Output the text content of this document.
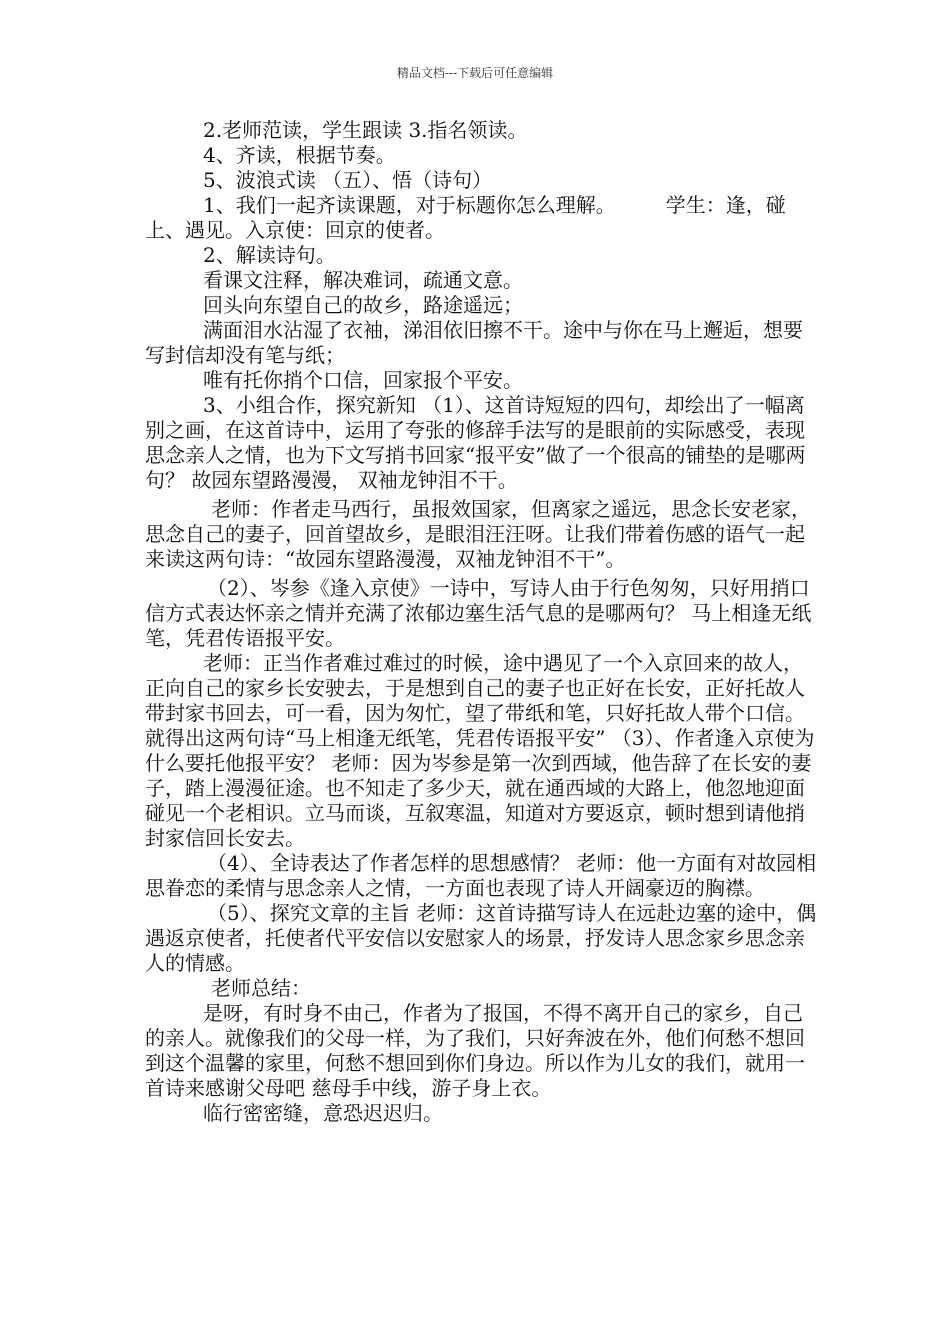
精品文档---下载后可任意编辑

2.老师范读，学生跟读 3.指名领读。

4、齐读，根据节奏。

5、波浪式读 （五）、悟（诗句）

1、我们一起齐读课题，对于标题你怎么理解。　　　学生：逢，碰上、遇见。入京使：回京的使者。

2、解读诗句。

看课文注释，解决难词，疏通文意。

回头向东望自己的故乡，路途遥远；

满面泪水沾湿了衣袖，涕泪依旧擦不干。途中与你在马上邂逅，想要写封信却没有笔与纸；

唯有托你捎个口信，回家报个平安。

3、小组合作，探究新知 （1）、这首诗短短的四句，却绘出了一幅离别之画，在这首诗中，运用了夸张的修辞手法写的是眼前的实际感受，表现思念亲人之情，也为下文写捎书回家“报平安”做了一个很高的铺垫的是哪两句？ 故园东望路漫漫， 双袖龙钟泪不干。

老师：作者走马西行，虽报效国家，但离家之遥远，思念长安老家，思念自己的妻子，回首望故乡，是眼泪汪汪呀。让我们带着伤感的语气一起来读这两句诗：“故园东望路漫漫，双袖龙钟泪不干”。

（2）、岑参《逢入京使》一诗中，写诗人由于行色匆匆，只好用捎口信方式表达怀亲之情并充满了浓郁边塞生活气息的是哪两句？ 马上相逢无纸笔，凭君传语报平安。

老师：正当作者难过难过的时候，途中遇见了一个入京回来的故人，正向自己的家乡长安驶去，于是想到自己的妻子也正好在长安，正好托故人带封家书回去，可一看，因为匆忙，望了带纸和笔，只好托故人带个口信。就得出这两句诗“马上相逢无纸笔，凭君传语报平安” （3）、作者逢入京使为什么要托他报平安？ 老师：因为岑参是第一次到西域，他告辞了在长安的妻子，踏上漫漫征途。也不知走了多少天，就在通西域的大路上，他忽地迎面碰见一个老相识。立马而谈，互叙寒温，知道对方要返京，顿时想到请他捎封家信回长安去。

（4）、全诗表达了作者怎样的思想感情？ 老师：他一方面有对故园相思眷恋的柔情与思念亲人之情，一方面也表现了诗人开阔豪迈的胸襟。

（5）、探究文章的主旨 老师：这首诗描写诗人在远赴边塞的途中，偶遇返京使者，托使者代平安信以安慰家人的场景，抒发诗人思念家乡思念亲人的情感。

老师总结：

是呀，有时身不由己，作者为了报国，不得不离开自己的家乡，自己的亲人。就像我们的父母一样，为了我们，只好奔波在外，他们何愁不想回到这个温馨的家里，何愁不想回到你们身边。所以作为儿女的我们，就用一首诗来感谢父母吧 慈母手中线，游子身上衣。

临行密密缝，意恐迟迟归。
